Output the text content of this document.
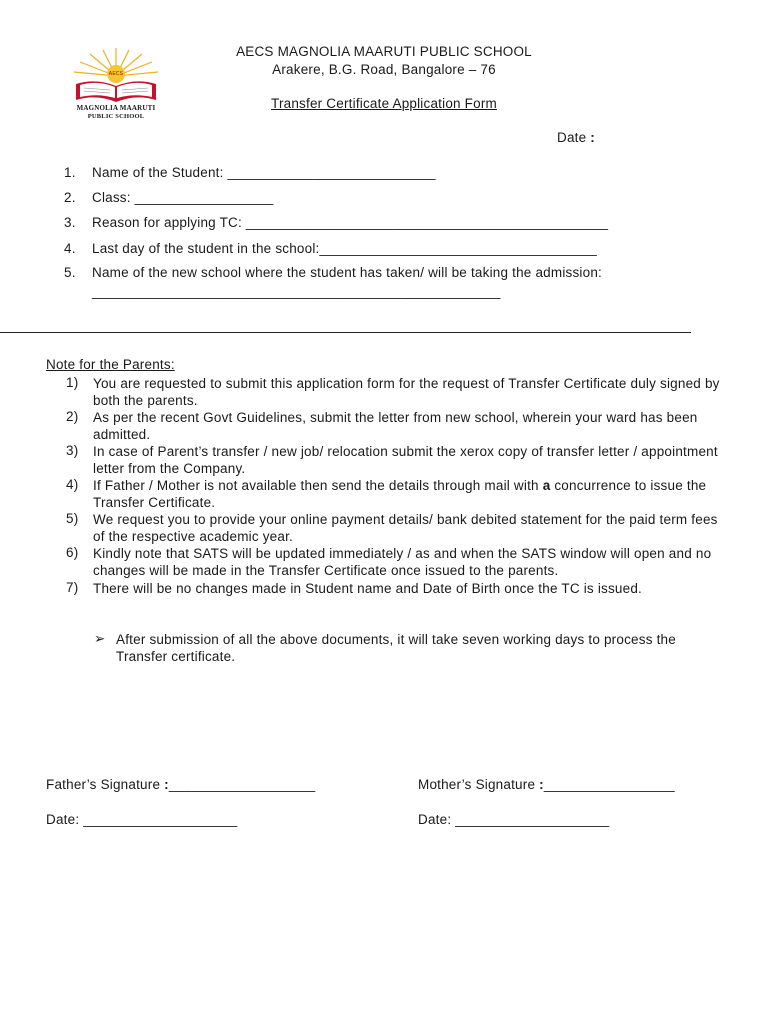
AECS
MAGNOLIA MAARUTI
PUBLIC SCHOOL
AECS MAGNOLIA MAARUTI PUBLIC SCHOOL
Arakere, B.G. Road, Bangalore – 76
Transfer Certificate Application Form
Date :
1. Name of the Student: ___________________________
2. Class: __________________
3. Reason for applying TC: _______________________________________________
4. Last day of the student in the school:____________________________________
5. Name of the new school where the student has taken/ will be taking the admission:
_____________________________________________________
Note for the Parents:
1) You are requested to submit this application form for the request of Transfer Certificate duly signed by both the parents.
2) As per the recent Govt Guidelines, submit the letter from new school, wherein your ward has been admitted.
3) In case of Parent’s transfer / new job/ relocation submit the xerox copy of transfer letter / appointment letter from the Company.
4) If Father / Mother is not available then send the details through mail with a concurrence to issue the Transfer Certificate.
5) We request you to provide your online payment details/ bank debited statement for the paid term fees of the respective academic year.
6) Kindly note that SATS will be updated immediately / as and when the SATS window will open and no changes will be made in the Transfer Certificate once issued to the parents.
7) There will be no changes made in Student name and Date of Birth once the TC is issued.
➢ After submission of all the above documents, it will take seven working days to process the Transfer certificate.
Father’s Signature :___________________	Mother’s Signature :_________________
Date: ____________________	Date: ____________________
